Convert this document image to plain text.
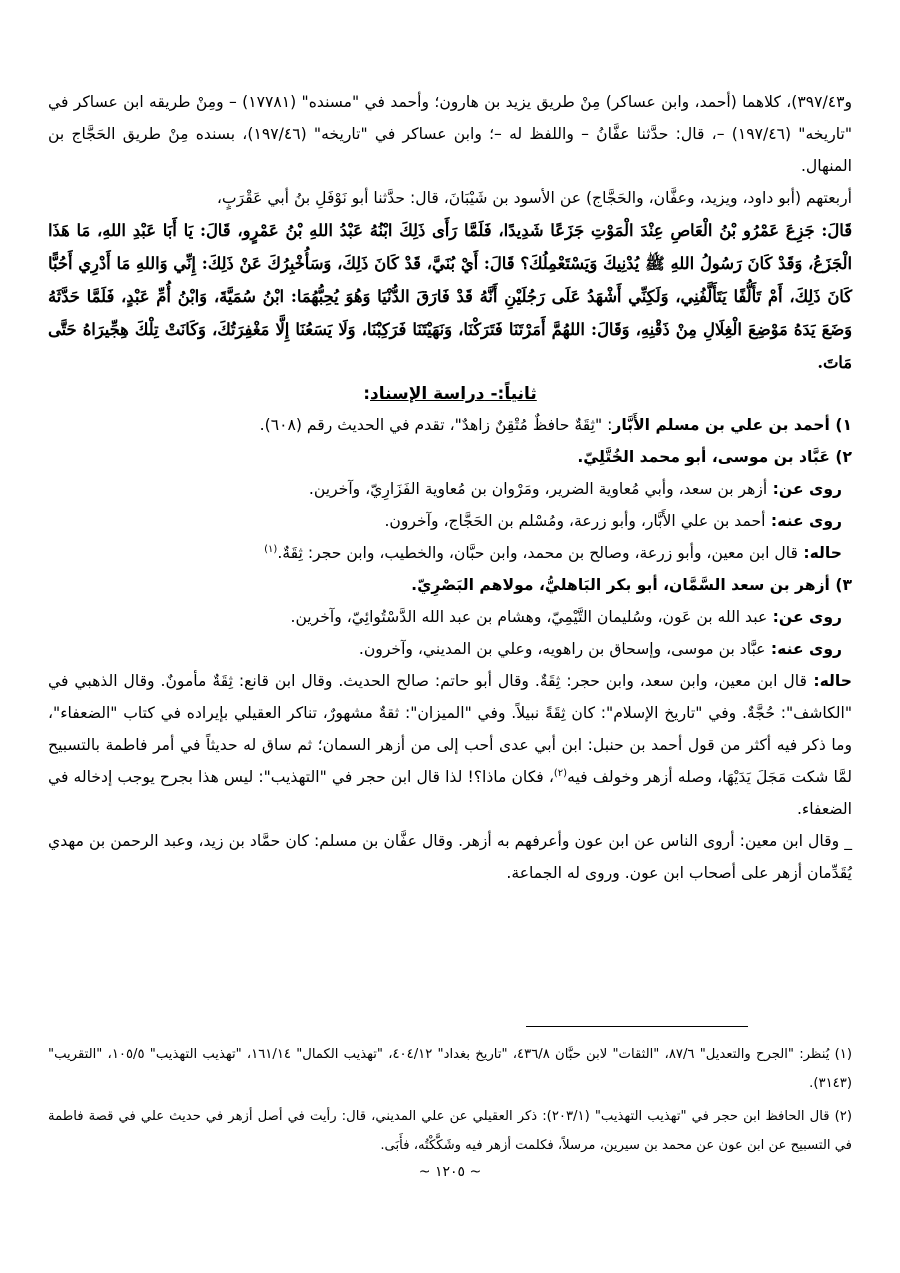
و٣٩٧/٤٣)، كلاهما (أحمد، وابن عساكر) مِنْ طريق يزيد بن هارون؛ وأحمد في "مسنده" (١٧٧٨١) – ومِنْ طريقه ابن عساكر في "تاريخه" (١٩٧/٤٦) –، قال: حدَّثنا عفَّانُ – واللفظ له –؛ وابن عساكر في "تاريخه" (١٩٧/٤٦)، بسنده مِنْ طريق الحَجَّاج بن المنهال.

أربعتهم (أبو داود، ويزيد، وعفَّان، والحَجَّاج) عن الأسود بن شَيْبَانَ، قال: حدَّثنا أبو نَوْفَلِ بنُ أبي عَقْرَبٍ،

قَالَ: جَزِعَ عَمْرُو بْنُ الْعَاصِ عِنْدَ الْمَوْتِ جَزَعًا شَدِيدًا، فَلَمَّا رَأَى ذَلِكَ ابْنُهُ عَبْدُ اللهِ بْنُ عَمْرٍو، قَالَ: يَا أَبَا عَبْدِ اللهِ، مَا هَذَا الْجَزَعُ، وَقَدْ كَانَ رَسُولُ اللهِ ﷺ يُدْنِيكَ وَيَسْتَعْمِلُكَ؟ قَالَ: أَيْ بُنَيَّ، قَدْ كَانَ ذَلِكَ، وَسَأُخْبِرُكَ عَنْ ذَلِكَ: إِنِّي وَاللهِ مَا أَدْرِي أَحُبًّا كَانَ ذَلِكَ، أَمْ تَأَلُّفًا يَتَأَلَّفُنِي، وَلَكِنِّي أَشْهَدُ عَلَى رَجُلَيْنِ أَنَّهُ قَدْ فَارَقَ الدُّنْيَا وَهُوَ يُحِبُّهُمَا: ابْنُ سُمَيَّةَ، وَابْنُ أُمِّ عَبْدٍ، فَلَمَّا حَدَّثَهُ وَضَعَ يَدَهُ مَوْضِعَ الْغِلَالِ مِنْ ذَقْنِهِ، وَقَالَ: اللهُمَّ أَمَرْتَنَا فَتَرَكْنَا، وَنَهَيْتَنَا فَرَكِبْنَا، وَلَا يَسَعُنَا إِلَّا مَغْفِرَتُكَ، وَكَانَتْ تِلْكَ هِجِّيرَاهُ حَتَّى مَاتَ.

ثانياً:- دراسة الإسناد:

١) أحمد بن علي بن مسلم الأَبَّار: "ثِقَةٌ حافظٌ مُتْقِنٌ زاهدٌ"، تقدم في الحديث رقم (٦٠٨).

٢) عَبَّاد بن موسى، أبو محمد الخُتَّلِيّ.

روى عن: أزهر بن سعد، وأبي مُعاوية الضرير، ومَرْوان بن مُعاوية الفَزَارِيّ، وآخرين.

روى عنه: أحمد بن علي الأَبَّار، وأبو زرعة، ومُسْلم بن الحَجَّاج، وآخرون.

حاله: قال ابن معين، وأبو زرعة، وصالح بن محمد، وابن حبَّان، والخطيب، وابن حجر: ثِقَةٌ.$^{(١)}$

٣) أزهر بن سعد السَّمَّان، أبو بكر البَاهليُّ، مولاهم البَصْرِيّ.

روى عن: عبد الله بن عَون، وسُليمان التَّيْمِيّ، وهشام بن عبد الله الدَّسْتُوائِيّ، وآخرين.

روى عنه: عبَّاد بن موسى، وإسحاق بن راهويه، وعلي بن المديني، وآخرون.

حاله: قال ابن معين، وابن سعد، وابن حجر: ثِقَةٌ. وقال أبو حاتم: صالح الحديث. وقال ابن قانع: ثِقَةٌ مأمونٌ. وقال الذهبي في "الكاشف": حُجَّةٌ. وفي "تاريخ الإسلام": كان ثِقَةً نبيلاً. وفي "الميزان": ثقةٌ مشهورٌ، تناكر العقيلي بإيراده في كتاب "الضعفاء"، وما ذكر فيه أكثر من قول أحمد بن حنبل: ابن أبي عدى أحب إلى من أزهر السمان؛ ثم ساق له حديثاً في أمر فاطمة بالتسبيح لمَّا شكت مَجَلَ يَدَيْهَا، وصله أزهر وخولف فيه$^{(٢)}$، فكان ماذا؟! لذا قال ابن حجر في "التهذيب": ليس هذا بجرح يوجب إدخاله في الضعفاء.

_ وقال ابن معين: أروى الناس عن ابن عون وأعرفهم به أزهر. وقال عفَّان بن مسلم: كان حمَّاد بن زيد، وعبد الرحمن بن مهدي يُقَدِّمان أزهر على أصحاب ابن عون. وروى له الجماعة.

(١) يُنظر: "الجرح والتعديل" ٨٧/٦، "الثقات" لابن حبَّان ٤٣٦/٨، "تاريخ بغداد" ٤٠٤/١٢، "تهذيب الكمال" ١٦١/١٤، "تهذيب التهذيب" ١٠٥/٥، "التقريب" (٣١٤٣).

(٢) قال الحافظ ابن حجر في "تهذيب التهذيب" (٢٠٣/١): ذكر العقيلي عن علي المديني، قال: رأيت في أصل أزهر في حديث علي في قصة فاطمة في التسبيح عن ابن عون عن محمد بن سيرين، مرسلاً، فكلمت أزهر فيه وشَكَّكْتُه، فأَبَى.

~ ١٢٠٥ ~
